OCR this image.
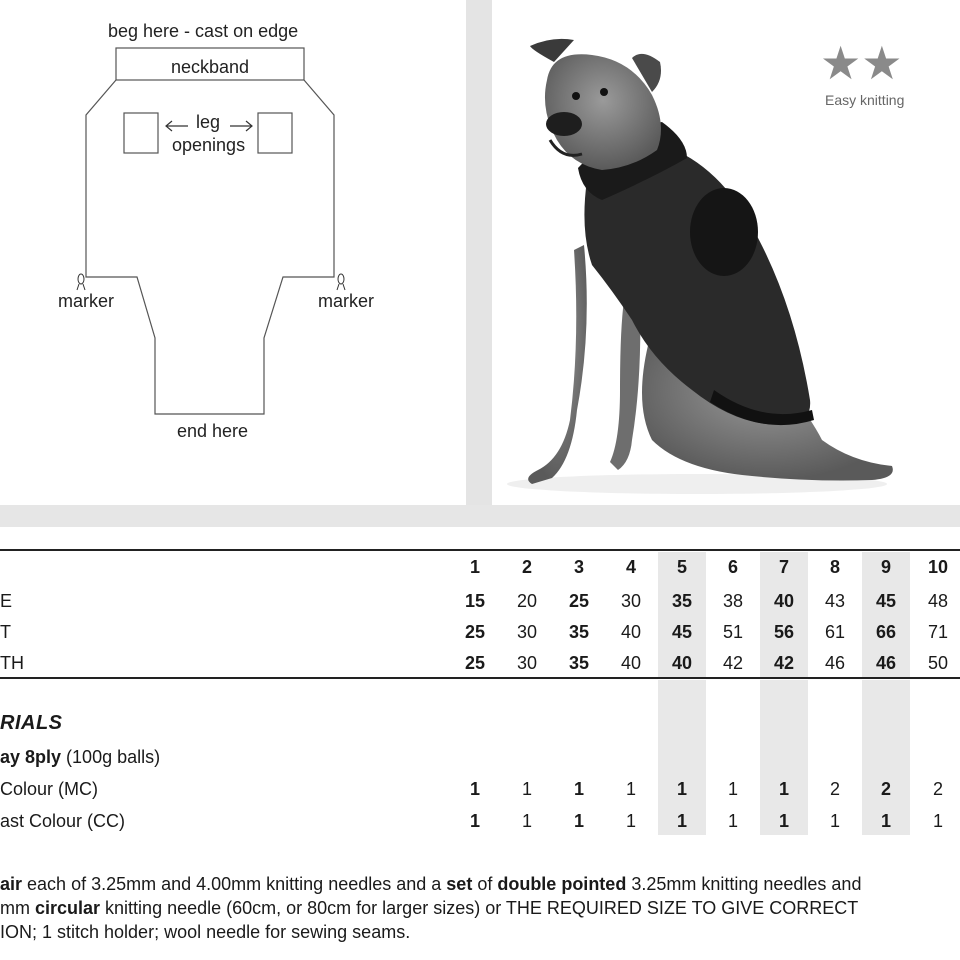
beg here - cast on edge
neckband
leg
openings
marker	marker
end here
★★
Easy knitting
1	2	3	4	5	6	7	8	9	10
E	15	20	25	30	35	38	40	43	45	48
T	25	30	35	40	45	51	56	61	66	71
TH	25	30	35	40	40	42	42	46	46	50
RIALS
ay 8ply (100g balls)
Colour (MC)	1	1	1	1	1	1	1	2	2	2
ast Colour (CC)	1	1	1	1	1	1	1	1	1	1
air each of 3.25mm and 4.00mm knitting needles and a set of double pointed 3.25mm knitting needles and
mm circular knitting needle (60cm, or 80cm for larger sizes) or THE REQUIRED SIZE TO GIVE CORRECT
ION; 1 stitch holder; wool needle for sewing seams.
